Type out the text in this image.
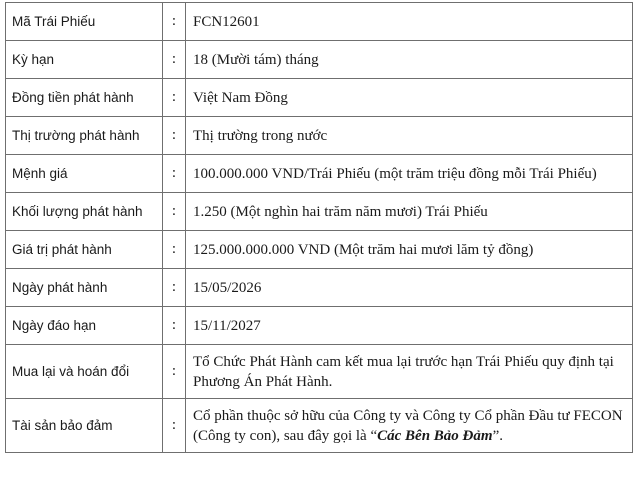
Mã Trái Phiếu	:	FCN12601
Kỳ hạn	:	18 (Mười tám) tháng
Đồng tiền phát hành	:	Việt Nam Đồng
Thị trường phát hành	:	Thị trường trong nước
Mệnh giá	:	100.000.000 VND/Trái Phiếu (một trăm triệu đồng mỗi Trái Phiếu)
Khối lượng phát hành	:	1.250 (Một nghìn hai trăm năm mươi) Trái Phiếu
Giá trị phát hành	:	125.000.000.000 VND (Một trăm hai mươi lăm tỷ đồng)
Ngày phát hành	:	15/05/2026
Ngày đáo hạn	:	15/11/2027
Mua lại và hoán đổi	:	Tổ Chức Phát Hành cam kết mua lại trước hạn Trái Phiếu quy định tại Phương Án Phát Hành.
Tài sản bảo đảm	:	Cổ phần thuộc sở hữu của Công ty và Công ty Cổ phần Đầu tư FECON (Công ty con), sau đây gọi là “Các Bên Bảo Đảm”.
